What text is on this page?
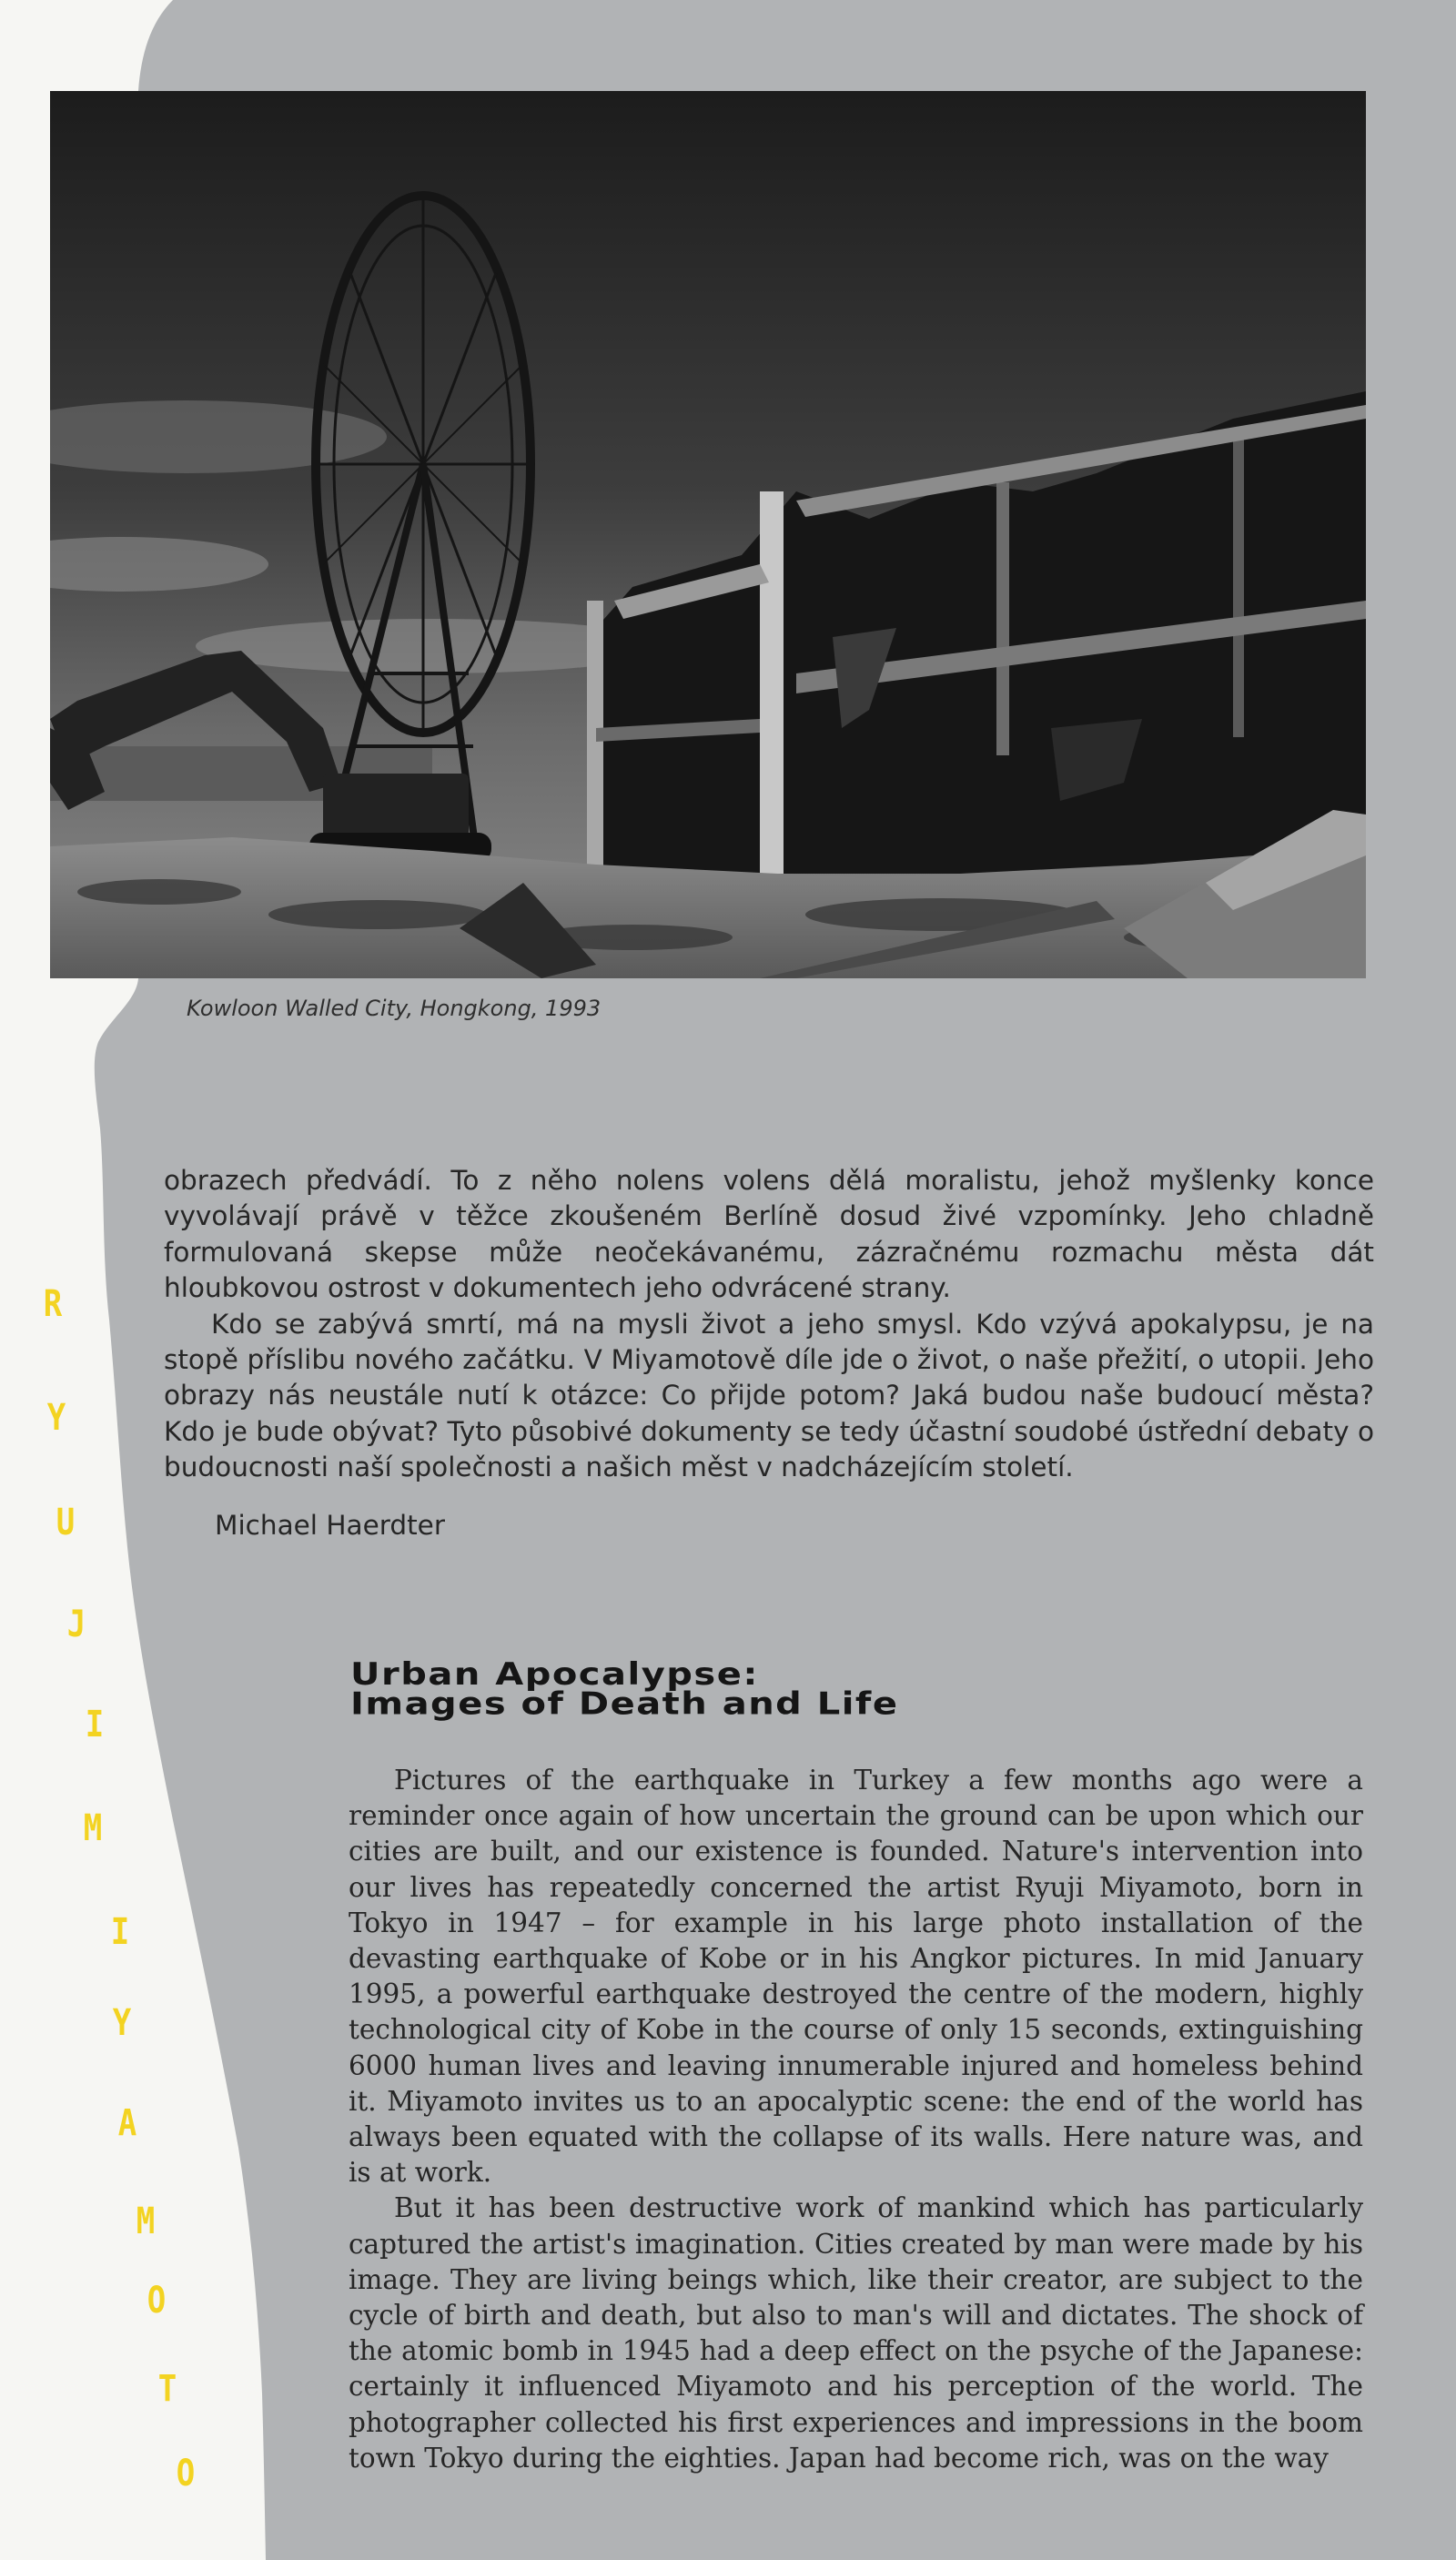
Kowloon Walled City, Hongkong, 1993
R
Y
U
J
I
M
I
Y
A
M
O
T
O

obrazech předvádí. To z něho nolens volens dělá moralistu, jehož myšlenky konce vyvolávají právě v těžce zkoušeném Berlíně dosud živé vzpomínky. Jeho chladně formulovaná skepse může neočekávanému, zázračnému rozmachu města dát hloubkovou ostrost v dokumentech jeho odvrácené strany.

Kdo se zabývá smrtí, má na mysli život a jeho smysl. Kdo vzývá apokalypsu, je na stopě příslibu nového začátku. V Miyamotově díle jde o život, o naše přežití, o utopii. Jeho obrazy nás neustále nutí k otázce: Co přijde potom? Jaká budou naše budoucí města? Kdo je bude obývat? Tyto působivé dokumenty se tedy účastní soudobé ústřední debaty o budoucnosti naší společnosti a našich měst v nadcházejícím století.

Michael Haerdter

Urban Apocalypse:
Images of Death and Life

Pictures of the earthquake in Turkey a few months ago were a reminder once again of how uncertain the ground can be upon which our cities are built, and our existence is founded. Nature's intervention into our lives has repeatedly concerned the artist Ryuji Miyamoto, born in Tokyo in 1947 – for example in his large photo installation of the devasting earthquake of Kobe or in his Angkor pictures. In mid January 1995, a powerful earthquake destroyed the centre of the modern, highly technological city of Kobe in the course of only 15 seconds, extinguishing 6000 human lives and leaving innumerable injured and homeless behind it. Miyamoto invites us to an apocalyptic scene: the end of the world has always been equated with the collapse of its walls. Here nature was, and is at work.

But it has been destructive work of mankind which has particularly captured the artist's imagination. Cities created by man were made by his image. They are living beings which, like their creator, are subject to the cycle of birth and death, but also to man's will and dictates. The shock of the atomic bomb in 1945 had a deep effect on the psyche of the Japanese: certainly it influenced Miyamoto and his perception of the world. The photographer collected his first experiences and impressions in the boom town Tokyo during the eighties. Japan had become rich, was on the way
